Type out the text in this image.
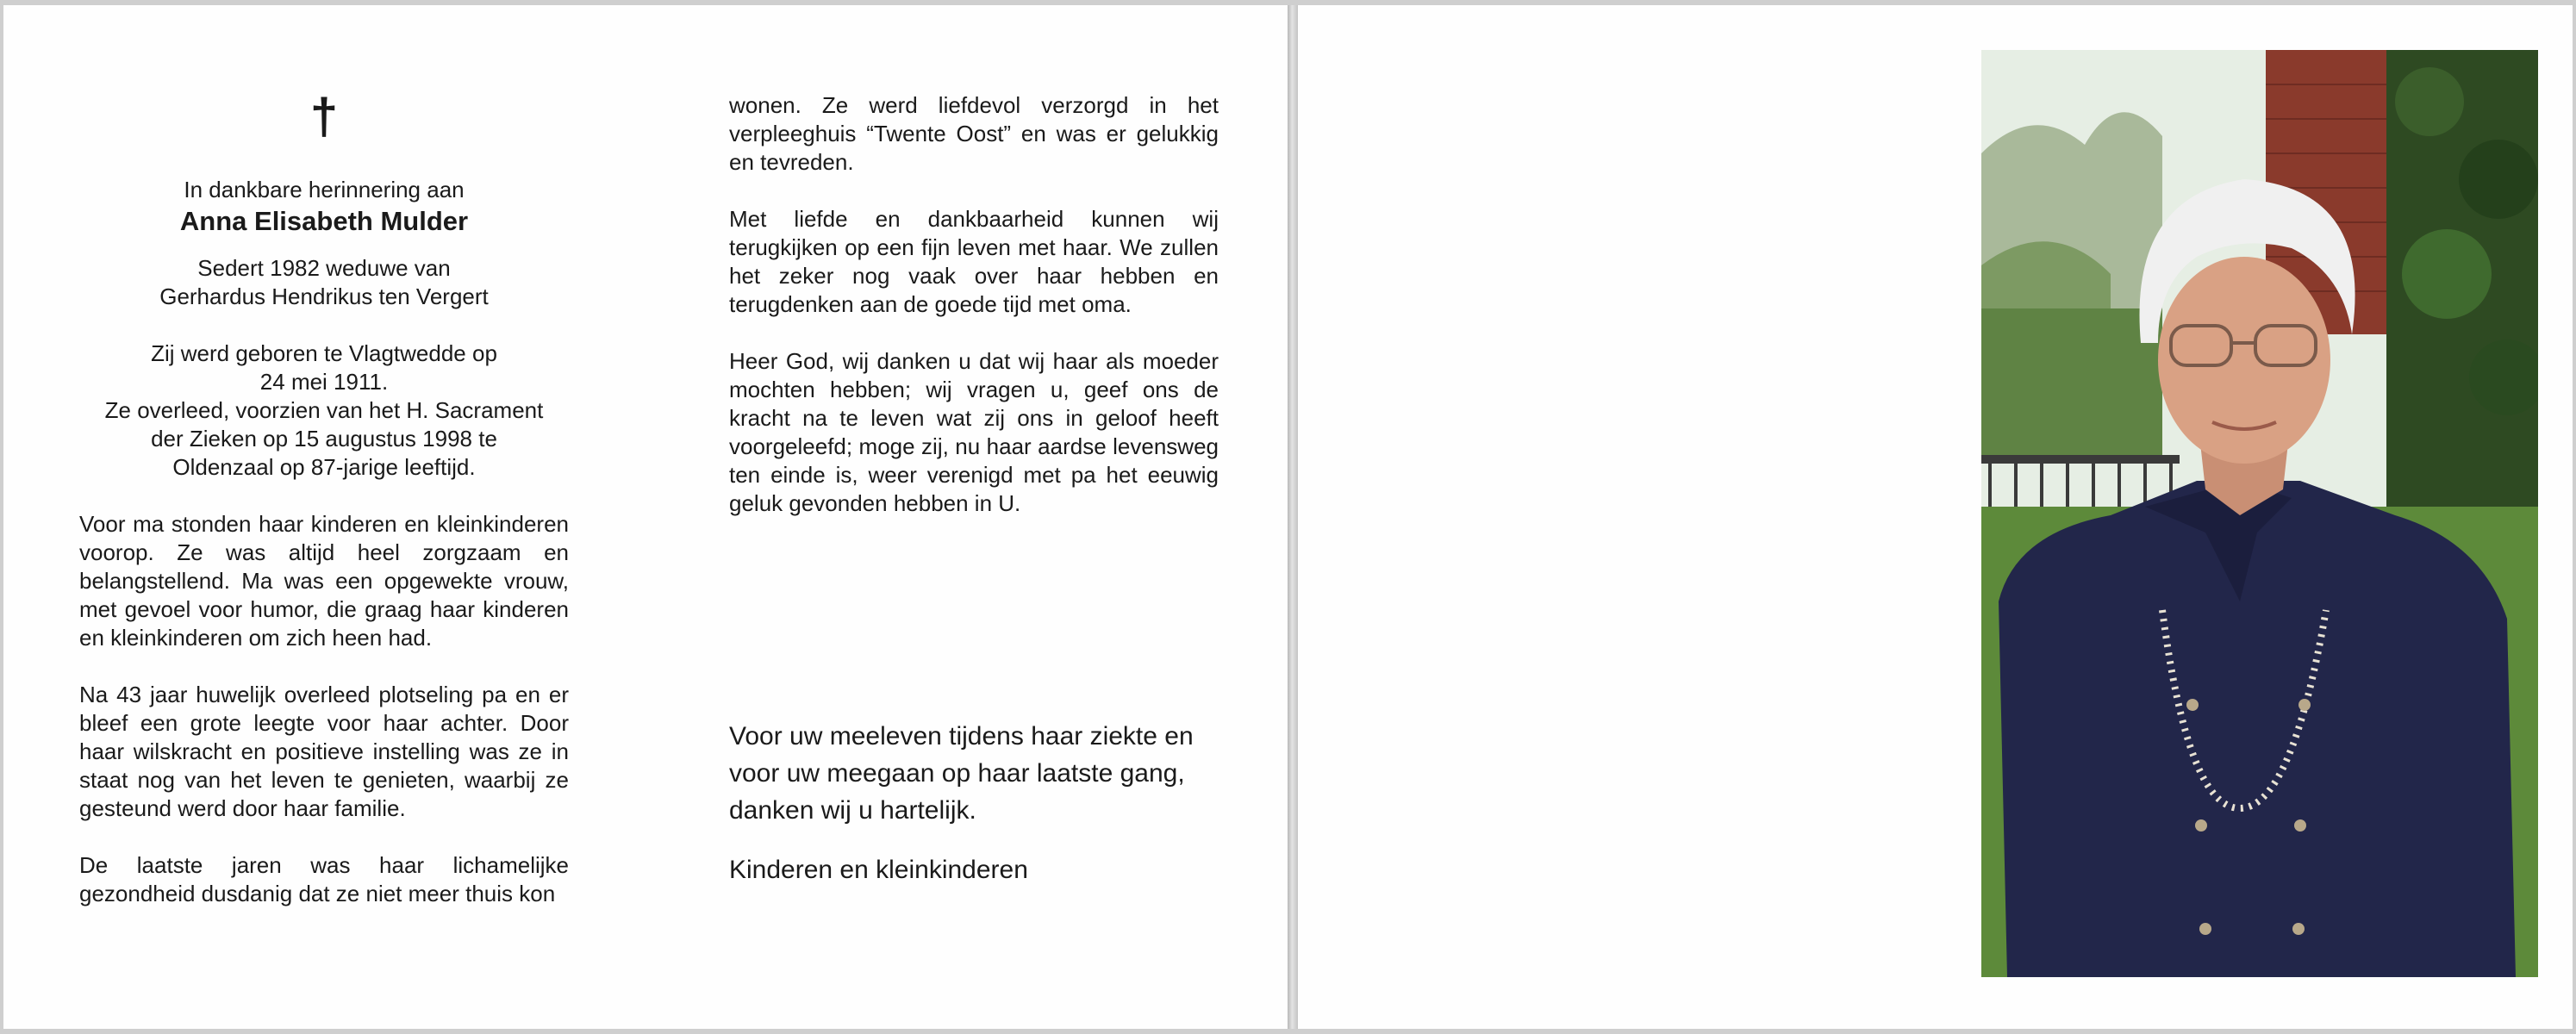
†
In dankbare herinnering aan
Anna Elisabeth Mulder
Sedert 1982 weduwe van
Gerhardus Hendrikus ten Vergert
Zij werd geboren te Vlagtwedde op
24 mei 1911.
Ze overleed, voorzien van het H. Sacrament
der Zieken op 15 augustus 1998 te
Oldenzaal op 87-jarige leeftijd.
Voor ma stonden haar kinderen en kleinkinderen voorop. Ze was altijd heel zorgzaam en belangstellend. Ma was een opgewekte vrouw, met gevoel voor humor, die graag haar kinderen en kleinkinderen om zich heen had.
Na 43 jaar huwelijk overleed plotseling pa en er bleef een grote leegte voor haar achter. Door haar wilskracht en positieve instelling was ze in staat nog van het leven te genieten, waarbij ze gesteund werd door haar familie.
De laatste jaren was haar lichamelijke gezondheid dusdanig dat ze niet meer thuis kon
wonen. Ze werd liefdevol verzorgd in het verpleeghuis “Twente Oost” en was er gelukkig en tevreden.
Met liefde en dankbaarheid kunnen wij terugkijken op een fijn leven met haar. We zullen het zeker nog vaak over haar hebben en terugdenken aan de goede tijd met oma.
Heer God, wij danken u dat wij haar als moeder mochten hebben; wij vragen u, geef ons de kracht na te leven wat zij ons in geloof heeft voorgeleefd; moge zij, nu haar aardse levensweg ten einde is, weer verenigd met pa het eeuwig geluk gevonden hebben in U.
Voor uw meeleven tijdens haar ziekte en voor uw meegaan op haar laatste gang, danken wij u hartelijk.
Kinderen en kleinkinderen
